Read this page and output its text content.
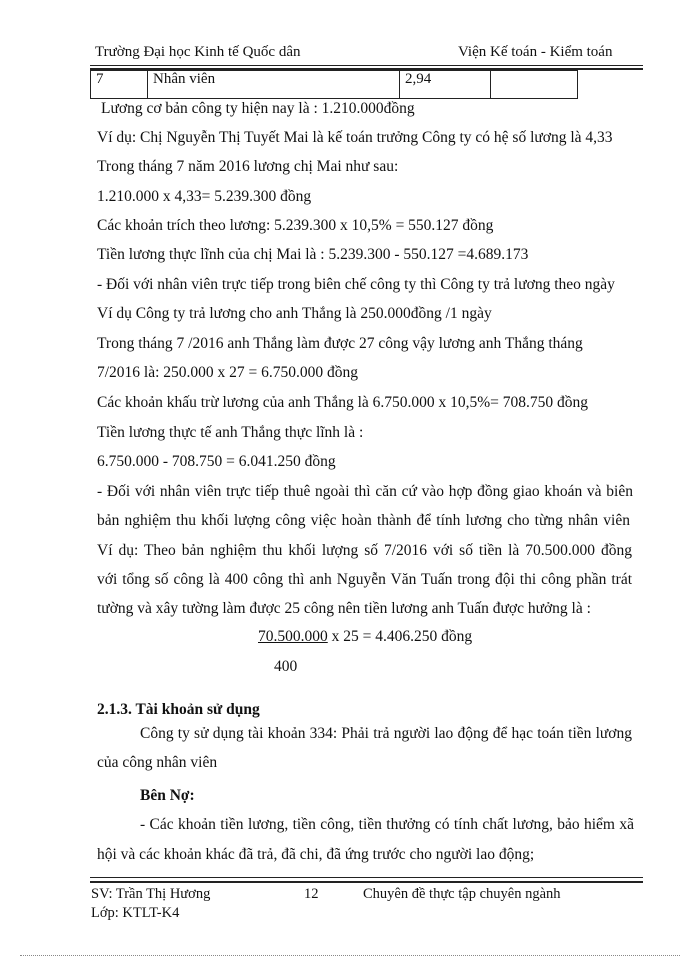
Trường Đại học Kinh tế Quốc dân	Viện Kế toán - Kiểm toán
7	Nhân viên	2,94	
Lương cơ bản công ty hiện nay là : 1.210.000đồng
Ví dụ: Chị Nguyễn Thị Tuyết Mai là kế toán trưởng Công ty có hệ số lương là 4,33
Trong tháng 7 năm 2016 lương chị Mai như sau:
1.210.000 x 4,33= 5.239.300 đồng
Các khoản trích theo lương: 5.239.300 x 10,5% = 550.127 đồng
Tiền lương thực lĩnh của chị Mai là : 5.239.300 - 550.127 =4.689.173
- Đối với nhân viên trực tiếp trong biên chế công ty thì Công ty trả lương theo ngày
Ví dụ Công ty trả lương cho anh Thắng là 250.000đồng /1 ngày
Trong tháng 7 /2016 anh Thắng làm được 27 công vậy lương anh Thắng tháng
7/2016 là: 250.000 x 27 = 6.750.000 đồng
Các khoản khấu trừ lương của anh Thắng là 6.750.000 x 10,5%= 708.750 đồng
Tiền lương thực tế anh Thắng thực lĩnh là :
6.750.000 - 708.750 = 6.041.250 đồng
- Đối với nhân viên trực tiếp thuê ngoài thì căn cứ vào hợp đồng giao khoán và biên
bản nghiệm thu khối lượng công việc hoàn thành để tính lương cho từng nhân viên
Ví dụ: Theo bản nghiệm thu khối lượng số 7/2016 với số tiền là 70.500.000 đồng
với tổng số công là 400 công thì anh Nguyễn Văn Tuấn trong đội thi công phần trát
tường và xây tường làm được 25 công nên tiền lương anh Tuấn được hưởng là :
70.500.000 x 25 = 4.406.250 đồng
400
2.1.3. Tài khoản sử dụng
Công ty sử dụng tài khoản 334: Phải trả người lao động để hạc toán tiền lương
của công nhân viên
Bên Nợ:
- Các khoản tiền lương, tiền công, tiền thưởng có tính chất lương, bảo hiểm xã
hội và các khoản khác đã trả, đã chi, đã ứng trước cho người lao động;
SV: Trần Thị Hương	12	Chuyên đề thực tập chuyên ngành
Lớp: KTLT-K4
